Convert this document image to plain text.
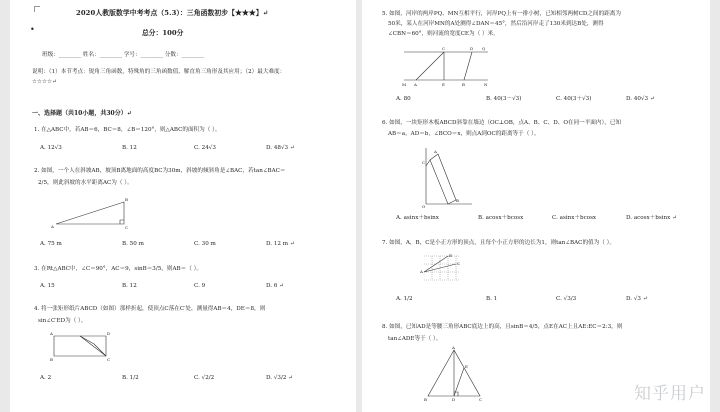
2020人教版数学中考考点（5.3）：三角函数初步【★★★】↵
•	总分：100分
班级：________ 姓名：________ 学号：________ 分数：________
说明：（1）本节考点：锐角三角函数，特殊角的三角函数值，解直角三角形及其应用；（2）最大难度：
☆☆☆☆↵
一、选择题（共10小题，共30分）↵
1. 在△ABC中，若AB＝6，BC＝8，∠B＝120°，则△ABC的面积为（ ）。
A. 12√3	B. 12	C. 24√3	D. 48√3 ↵
2. 如图，一个人在斜坡AB，坡顶B离地面的高度BC为30m，斜坡的倾斜角是∠BAC，若tan∠BAC＝
2/5，则此斜坡的水平距离AC为（ ）。
A
B
C
A. 75 m	B. 50 m	C. 30 m	D. 12 m ↵
3. 在Rt△ABC中，∠C＝90°，AC＝9，sinB＝3/5，则AB＝（ ）。
A. 15	B. 12	C. 9	D. 6 ↵
4. 将一张矩形纸片ABCD（如图）那样折起，使顶点C落在C′处，测量得AB＝4，DE＝8，则
sin∠C′ED为（ ）。
A	D
B	C
A. 2	B. 1/2	C. √2/2	D. √3/2 ↵
5. 如图，河岸的两岸PQ、MN互相平行，河岸PQ上有一排小树，已知相邻两树CD之间的距离为
50米，某人在河岸MN的A处测得∠DAN＝45°，然后沿河岸走了130米到达B处，测得
∠CBN＝60°，则河流的宽度CE为（ ）米。
M A	E	B	N
C	D Q
A. 80	B. 40(3－√3)	C. 40(3＋√3)	D. 40√3 ↵
6. 如图，一块矩形木板ABCD斜靠在墙边（OC⊥OB，点A、B、C、D、O在同一平面内），已知
AB＝a，AD＝b，∠BCO＝x，则点A到OC的距离等于（ ）。
O
A
B
C
A. asinx＋bsinx	B. acosx＋bcosx	C. asinx＋bcosx	D. acosx＋bsinx ↵
7. 如图，A，B，C是小正方形的顶点，且每个小正方形的边长为1，则tan∠BAC的值为（ ）。
A
B
C
A. 1/2	B. 1	C. √3/3	D. √3 ↵
8. 如图，已知AD是等腰三角形ABC底边上的高，且sinB＝4/5，点E在AC上且AE:EC＝2:3，则
tan∠ADE等于（ ）。
A
B	D	C
E
知乎用户
